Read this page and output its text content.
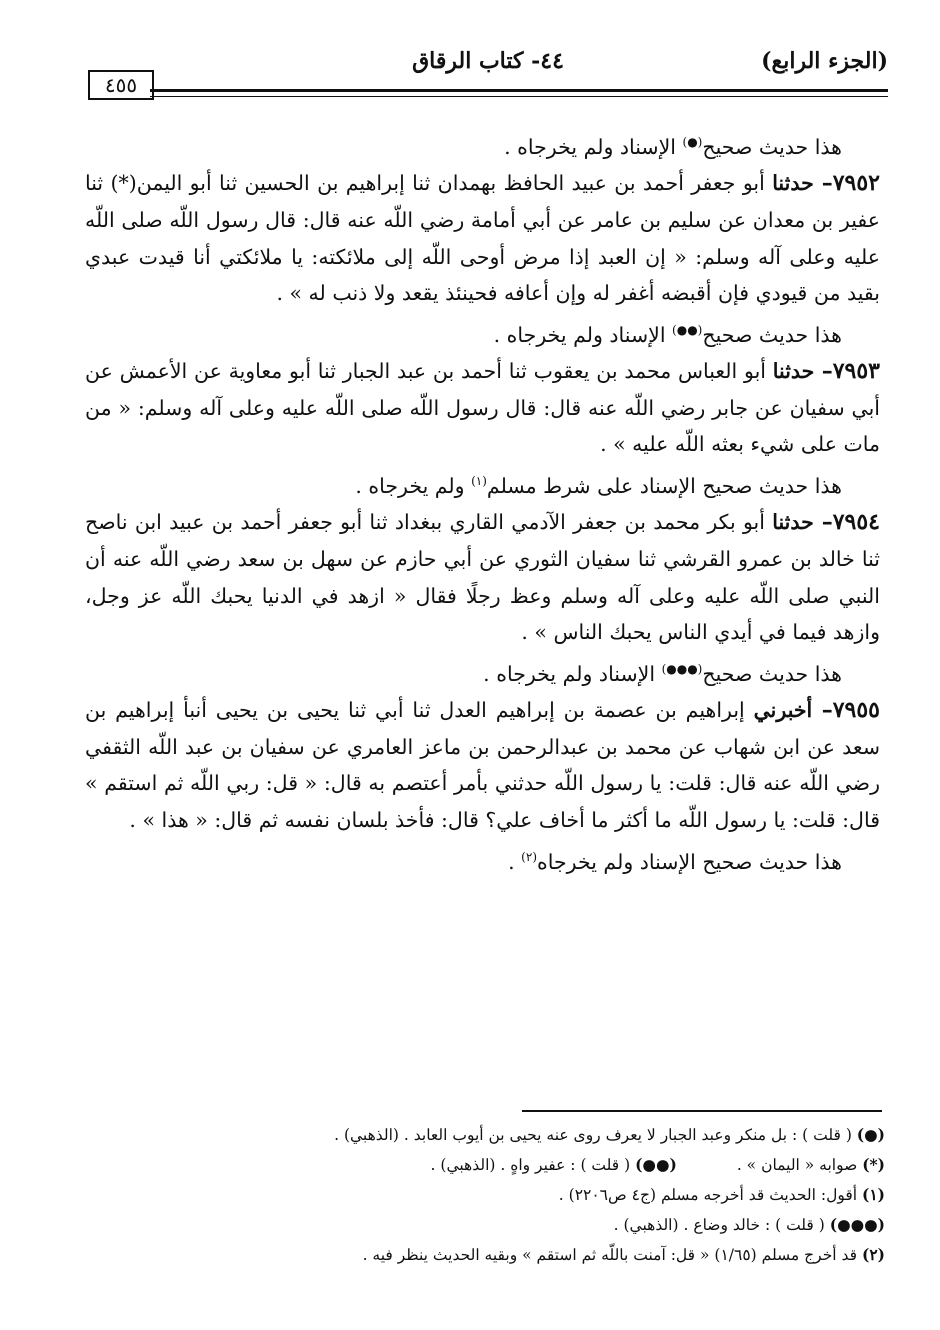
(الجزء الرابع)
٤٤- كتاب الرقاق
٤٥٥

هذا حديث صحيح(●) الإسناد ولم يخرجاه .

٧٩٥٢– حدثنا أبو جعفر أحمد بن عبيد الحافظ بهمدان ثنا إبراهيم بن الحسين ثنا أبو اليمن(*) ثنا عفير بن معدان عن سليم بن عامر عن أبي أمامة رضي اللّه عنه قال: قال رسول اللّه صلى اللّه عليه وعلى آله وسلم: « إن العبد إذا مرض أوحى اللّه إلى ملائكته: يا ملائكتي أنا قيدت عبدي بقيد من قيودي فإن أقبضه أغفر له وإن أعافه فحينئذ يقعد ولا ذنب له » .

هذا حديث صحيح(●●) الإسناد ولم يخرجاه .

٧٩٥٣– حدثنا أبو العباس محمد بن يعقوب ثنا أحمد بن عبد الجبار ثنا أبو معاوية عن الأعمش عن أبي سفيان عن جابر رضي اللّه عنه قال: قال رسول اللّه صلى اللّه عليه وعلى آله وسلم: « من مات على شيء بعثه اللّه عليه » .

هذا حديث صحيح الإسناد على شرط مسلم$^{(١)}$ ولم يخرجاه .

٧٩٥٤– حدثنا أبو بكر محمد بن جعفر الآدمي القاري ببغداد ثنا أبو جعفر أحمد بن عبيد ابن ناصح ثنا خالد بن عمرو القرشي ثنا سفيان الثوري عن أبي حازم عن سهل بن سعد رضي اللّه عنه أن النبي صلى اللّه عليه وعلى آله وسلم وعظ رجلًا فقال « ازهد في الدنيا يحبك اللّه عز وجل، وازهد فيما في أيدي الناس يحبك الناس » .

هذا حديث صحيح(●●●) الإسناد ولم يخرجاه .

٧٩٥٥– أخبرني إبراهيم بن عصمة بن إبراهيم العدل ثنا أبي ثنا يحيى بن يحيى أنبأ إبراهيم بن سعد عن ابن شهاب عن محمد بن عبدالرحمن بن ماعز العامري عن سفيان بن عبد اللّه الثقفي رضي اللّه عنه قال: قلت: يا رسول اللّه حدثني بأمر أعتصم به قال: « قل: ربي اللّه ثم استقم » قال: قلت: يا رسول اللّه ما أكثر ما أخاف علي؟ قال: فأخذ بلسان نفسه ثم قال: « هذا » .

هذا حديث صحيح الإسناد ولم يخرجاه$^{(٢)}$ .

(●) ( قلت ) : بل منكر وعبد الجبار لا يعرف روى عنه يحيى بن أيوب العابد . (الذهبي) .

(*) صوابه « اليمان » .

(●●) ( قلت ) : عفير واهٍ . (الذهبي) .

(١) أقول: الحديث قد أخرجه مسلم (ج٤ ص٢٢٠٦) .

(●●●) ( قلت ) : خالد وضاع . (الذهبي) .

(٢) قد أخرج مسلم (١/٦٥) « قل: آمنت باللّه ثم استقم » وبقيه الحديث ينظر فيه .
